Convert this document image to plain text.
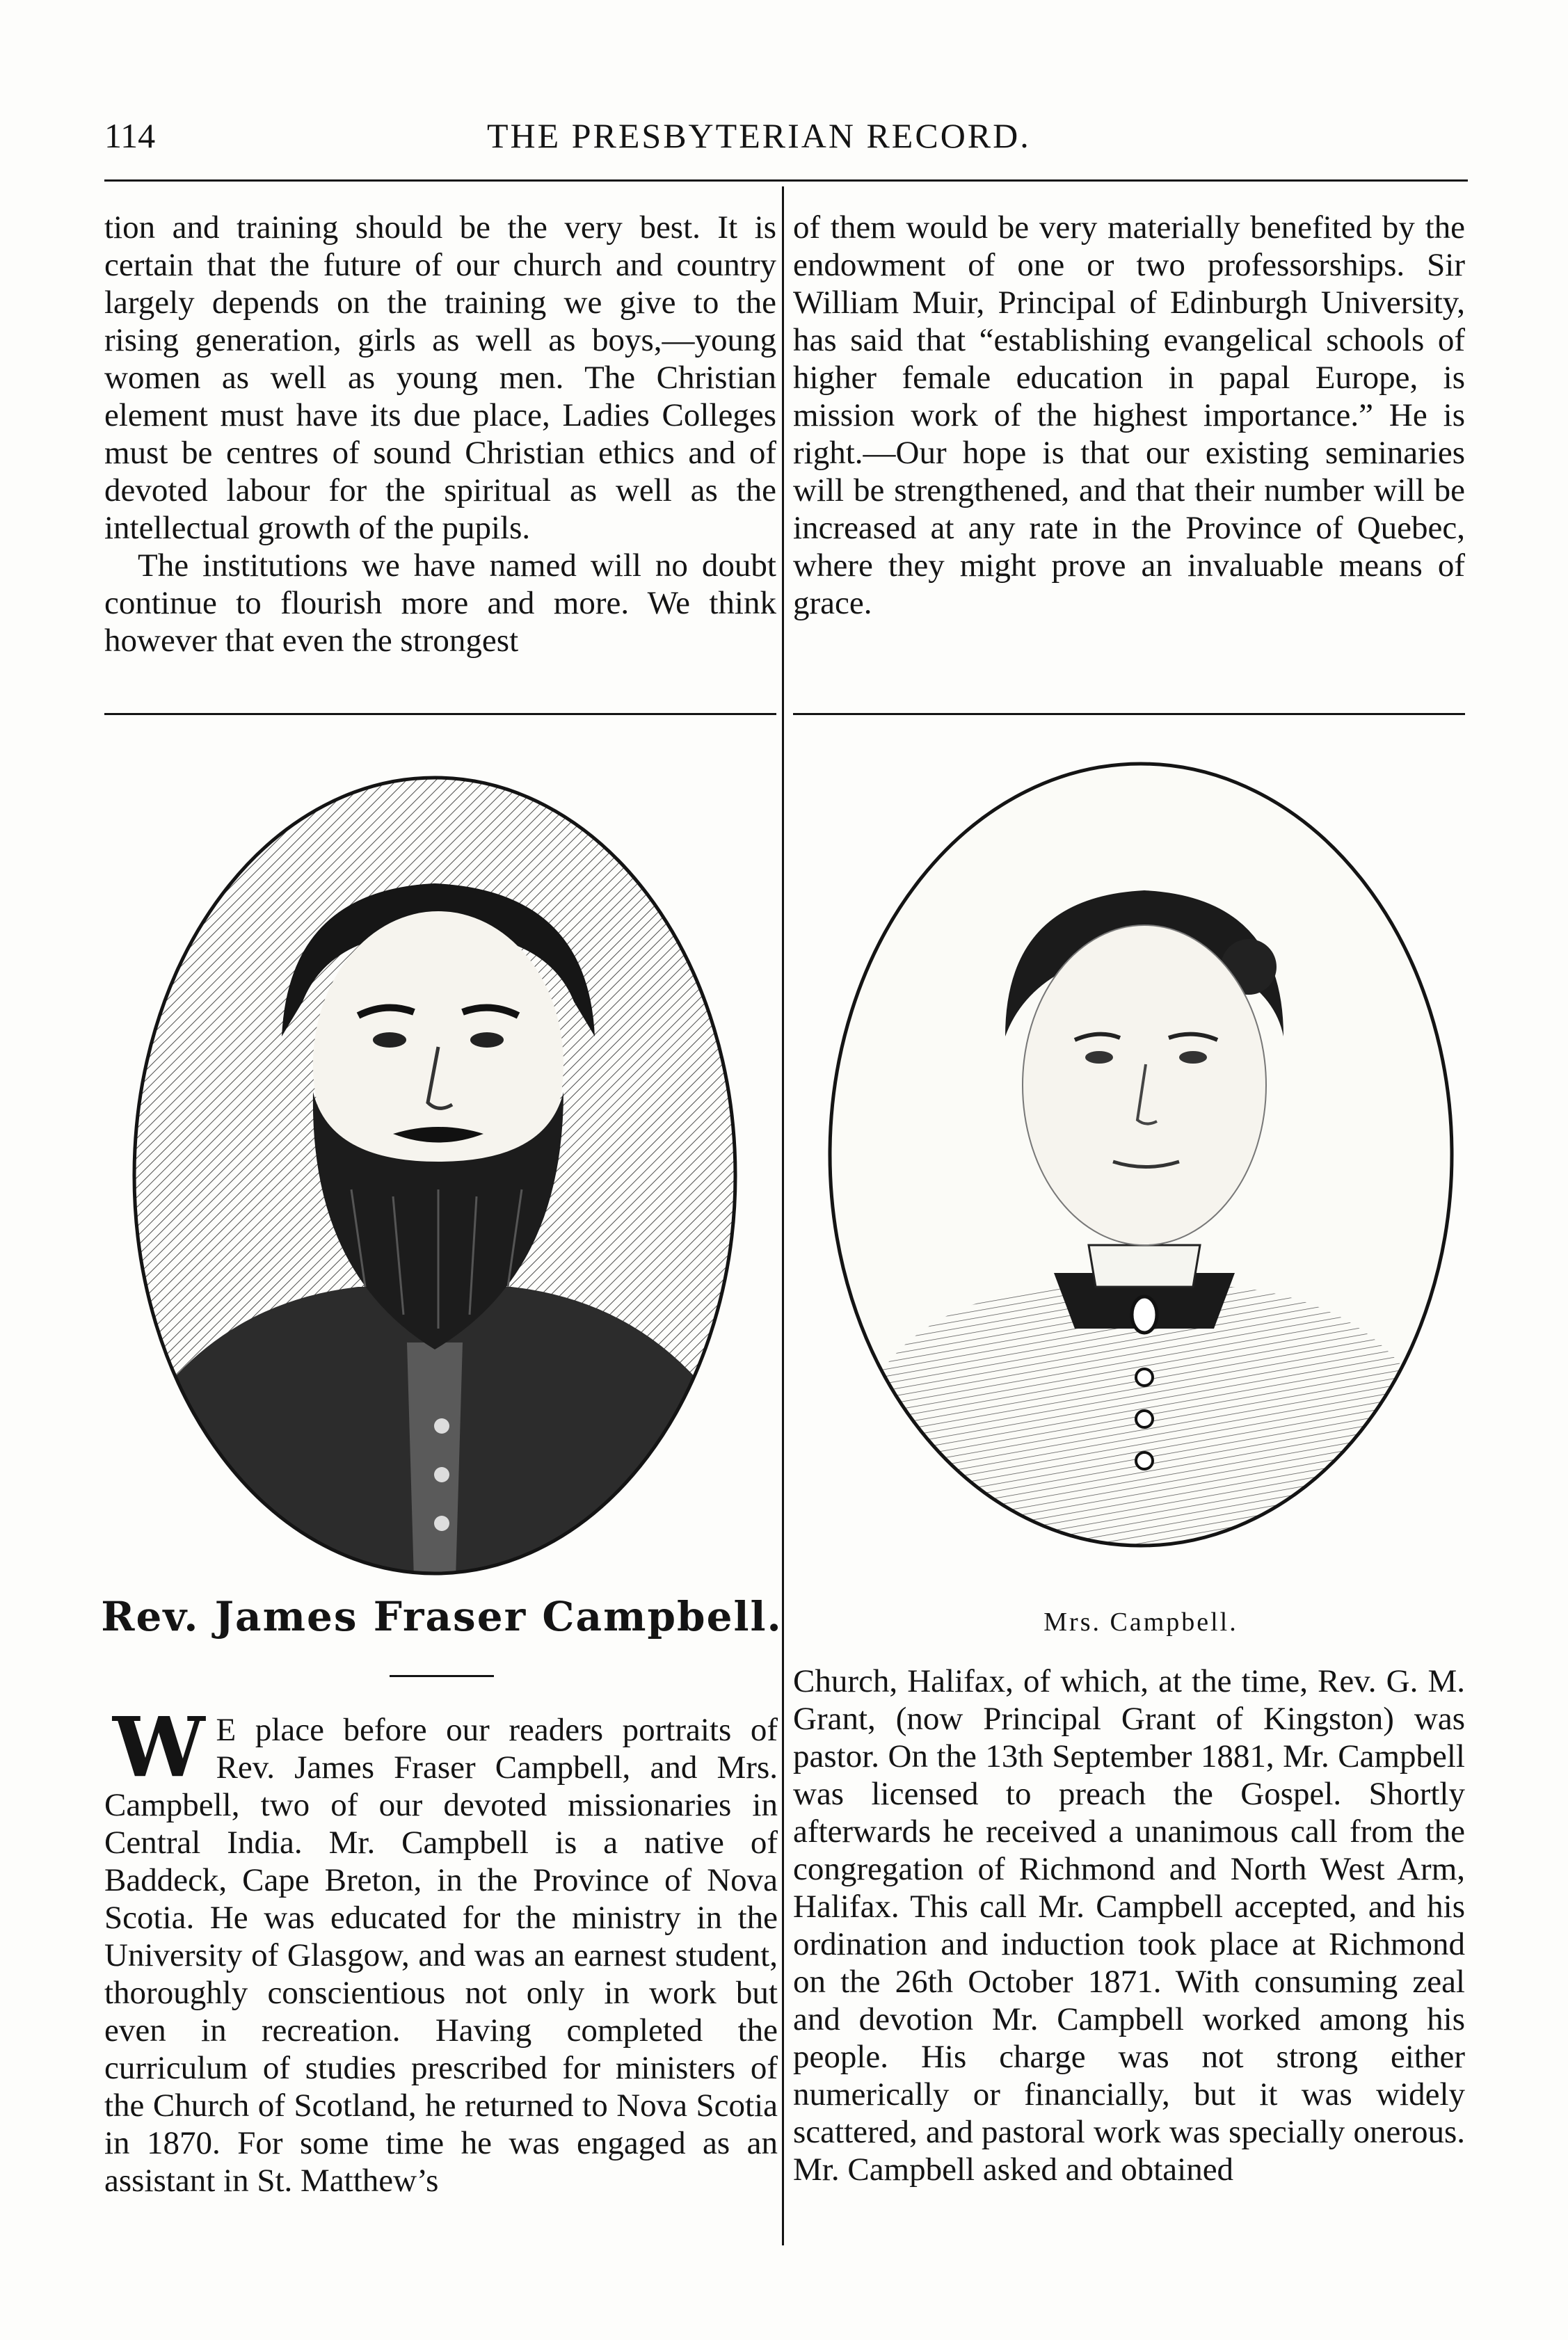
114	THE PRESBYTERIAN RECORD.

tion and training should be the very best. It is certain that the future of our church and country largely depends on the training we give to the rising generation, girls as well as boys,—young women as well as young men. The Christian element must have its due place, Ladies Colleges must be centres of sound Christian ethics and of devoted labour for the spiritual as well as the intellectual growth of the pupils.

The institutions we have named will no doubt continue to flourish more and more. We think however that even the strongest

of them would be very materially benefited by the endowment of one or two professorships. Sir William Muir, Principal of Edinburgh University, has said that “establishing evangelical schools of higher female education in papal Europe, is mission work of the highest importance.” He is right.—Our hope is that our existing seminaries will be strengthened, and that their number will be increased at any rate in the Province of Quebec, where they might prove an invaluable means of grace.

Rev. James Fraser Campbell.	Mrs. Campbell.
W E place before our readers portraits of Rev. James Fraser Campbell, and Mrs. Campbell, two of our devoted missionaries in Central India. Mr. Campbell is a native of Baddeck, Cape Breton, in the Province of Nova Scotia. He was educated for the ministry in the University of Glasgow, and was an earnest student, thoroughly conscientious not only in work but even in recreation. Having completed the curriculum of studies prescribed for ministers of the Church of Scotland, he returned to Nova Scotia in 1870. For some time he was engaged as an assistant in St. Matthew’s

Church, Halifax, of which, at the time, Rev. G. M. Grant, (now Principal Grant of Kingston) was pastor. On the 13th September 1881, Mr. Campbell was licensed to preach the Gospel. Shortly afterwards he received a unanimous call from the congregation of Richmond and North West Arm, Halifax. This call Mr. Campbell accepted, and his ordination and induction took place at Richmond on the 26th October 1871. With consuming zeal and devotion Mr. Campbell worked among his people. His charge was not strong either numerically or financially, but it was widely scattered, and pastoral work was specially onerous. Mr. Campbell asked and obtained
